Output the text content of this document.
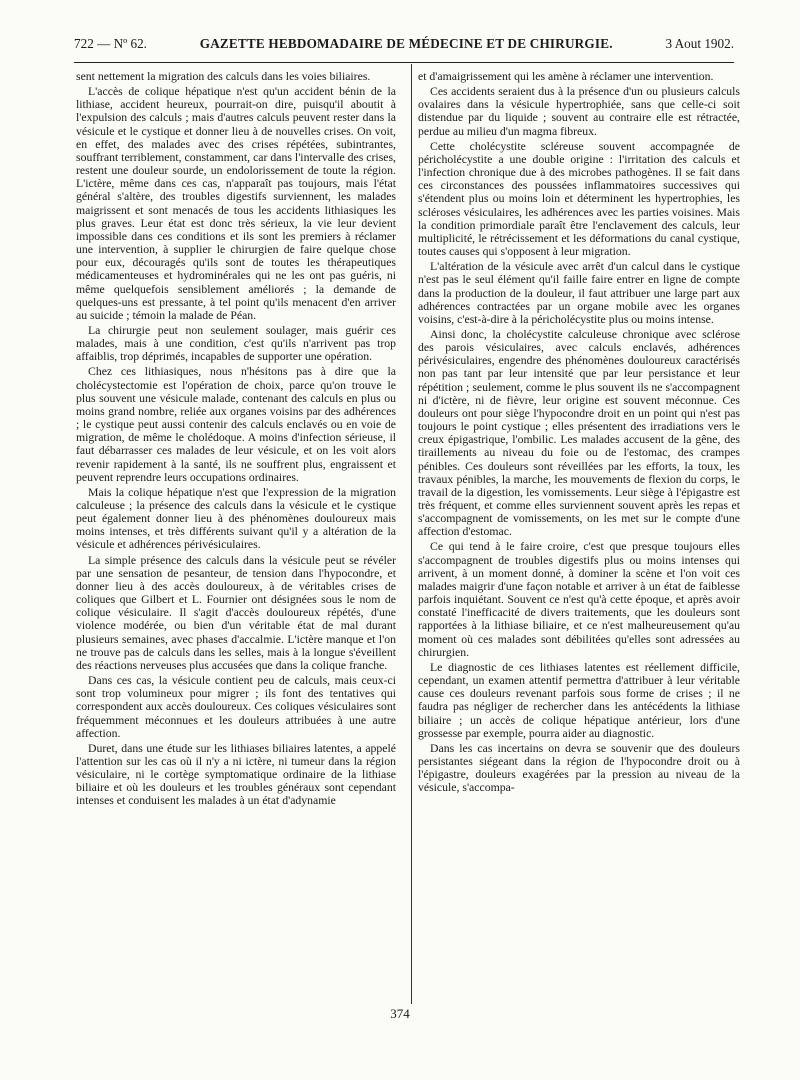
722 — Nº 62.	GAZETTE HEBDOMADAIRE DE MÉDECINE ET DE CHIRURGIE.	3 Aout 1902.

sent nettement la migration des calculs dans les voies biliaires.

L'accès de colique hépatique n'est qu'un accident bénin de la lithiase, accident heureux, pourrait-on dire, puisqu'il aboutit à l'expulsion des calculs ; mais d'autres calculs peuvent rester dans la vésicule et le cystique et donner lieu à de nouvelles crises. On voit, en effet, des malades avec des crises répétées, subintrantes, souffrant terriblement, constamment, car dans l'intervalle des crises, restent une douleur sourde, un endolorissement de toute la région. L'ictère, même dans ces cas, n'apparaît pas toujours, mais l'état général s'altère, des troubles digestifs surviennent, les malades maigrissent et sont menacés de tous les accidents lithiasiques les plus graves. Leur état est donc très sérieux, la vie leur devient impossible dans ces conditions et ils sont les premiers à réclamer une intervention, à supplier le chirurgien de faire quelque chose pour eux, découragés qu'ils sont de toutes les thérapeutiques médicamenteuses et hydrominérales qui ne les ont pas guéris, ni même quelquefois sensiblement améliorés ; la demande de quelques-uns est pressante, à tel point qu'ils menacent d'en arriver au suicide ; témoin la malade de Péan.

La chirurgie peut non seulement soulager, mais guérir ces malades, mais à une condition, c'est qu'ils n'arrivent pas trop affaiblis, trop déprimés, incapables de supporter une opération.

Chez ces lithiasiques, nous n'hésitons pas à dire que la cholécystectomie est l'opération de choix, parce qu'on trouve le plus souvent une vésicule malade, contenant des calculs en plus ou moins grand nombre, reliée aux organes voisins par des adhérences ; le cystique peut aussi contenir des calculs enclavés ou en voie de migration, de même le cholédoque. A moins d'infection sérieuse, il faut débarrasser ces malades de leur vésicule, et on les voit alors revenir rapidement à la santé, ils ne souffrent plus, engraissent et peuvent reprendre leurs occupations ordinaires.

Mais la colique hépatique n'est que l'expression de la migration calculeuse ; la présence des calculs dans la vésicule et le cystique peut également donner lieu à des phénomènes douloureux mais moins intenses, et très différents suivant qu'il y a altération de la vésicule et adhérences périvésiculaires.

La simple présence des calculs dans la vésicule peut se révéler par une sensation de pesanteur, de tension dans l'hypocondre, et donner lieu à des accès douloureux, à de véritables crises de coliques que Gilbert et L. Fournier ont désignées sous le nom de colique vésiculaire. Il s'agit d'accès douloureux répétés, d'une violence modérée, ou bien d'un véritable état de mal durant plusieurs semaines, avec phases d'accalmie. L'ictère manque et l'on ne trouve pas de calculs dans les selles, mais à la longue s'éveillent des réactions nerveuses plus accusées que dans la colique franche.

Dans ces cas, la vésicule contient peu de calculs, mais ceux-ci sont trop volumineux pour migrer ; ils font des tentatives qui correspondent aux accès douloureux. Ces coliques vésiculaires sont fréquemment méconnues et les douleurs attribuées à une autre affection.

Duret, dans une étude sur les lithiases biliaires latentes, a appelé l'attention sur les cas où il n'y a ni ictère, ni tumeur dans la région vésiculaire, ni le cortège symptomatique ordinaire de la lithiase biliaire et où les douleurs et les troubles généraux sont cependant intenses et conduisent les malades à un état d'adynamie

et d'amaigrissement qui les amène à réclamer une intervention.

Ces accidents seraient dus à la présence d'un ou plusieurs calculs ovalaires dans la vésicule hypertrophiée, sans que celle-ci soit distendue par du liquide ; souvent au contraire elle est rétractée, perdue au milieu d'un magma fibreux.

Cette cholécystite scléreuse souvent accompagnée de péricholécystite a une double origine : l'irritation des calculs et l'infection chronique due à des microbes pathogènes. Il se fait dans ces circonstances des poussées inflammatoires successives qui s'étendent plus ou moins loin et déterminent les hypertrophies, les scléroses vésiculaires, les adhérences avec les parties voisines. Mais la condition primordiale paraît être l'enclavement des calculs, leur multiplicité, le rétrécissement et les déformations du canal cystique, toutes causes qui s'opposent à leur migration.

L'altération de la vésicule avec arrêt d'un calcul dans le cystique n'est pas le seul élément qu'il faille faire entrer en ligne de compte dans la production de la douleur, il faut attribuer une large part aux adhérences contractées par un organe mobile avec les organes voisins, c'est-à-dire à la péricholécystite plus ou moins intense.

Ainsi donc, la cholécystite calculeuse chronique avec sclérose des parois vésiculaires, avec calculs enclavés, adhérences périvésiculaires, engendre des phénomènes douloureux caractérisés non pas tant par leur intensité que par leur persistance et leur répétition ; seulement, comme le plus souvent ils ne s'accompagnent ni d'ictère, ni de fièvre, leur origine est souvent méconnue. Ces douleurs ont pour siège l'hypocondre droit en un point qui n'est pas toujours le point cystique ; elles présentent des irradiations vers le creux épigastrique, l'ombilic. Les malades accusent de la gêne, des tiraillements au niveau du foie ou de l'estomac, des crampes pénibles. Ces douleurs sont réveillées par les efforts, la toux, les travaux pénibles, la marche, les mouvements de flexion du corps, le travail de la digestion, les vomissements. Leur siège à l'épigastre est très fréquent, et comme elles surviennent souvent après les repas et s'accompagnent de vomissements, on les met sur le compte d'une affection d'estomac.

Ce qui tend à le faire croire, c'est que presque toujours elles s'accompagnent de troubles digestifs plus ou moins intenses qui arrivent, à un moment donné, à dominer la scène et l'on voit ces malades maigrir d'une façon notable et arriver à un état de faiblesse parfois inquiétant. Souvent ce n'est qu'à cette époque, et après avoir constaté l'inefficacité de divers traitements, que les douleurs sont rapportées à la lithiase biliaire, et ce n'est malheureusement qu'au moment où ces malades sont débilitées qu'elles sont adressées au chirurgien.

Le diagnostic de ces lithiases latentes est réellement difficile, cependant, un examen attentif permettra d'attribuer à leur véritable cause ces douleurs revenant parfois sous forme de crises ; il ne faudra pas négliger de rechercher dans les antécédents la lithiase biliaire ; un accès de colique hépatique antérieur, lors d'une grossesse par exemple, pourra aider au diagnostic.

Dans les cas incertains on devra se souvenir que des douleurs persistantes siégeant dans la région de l'hypocondre droit ou à l'épigastre, douleurs exagérées par la pression au niveau de la vésicule, s'accompa-

374
